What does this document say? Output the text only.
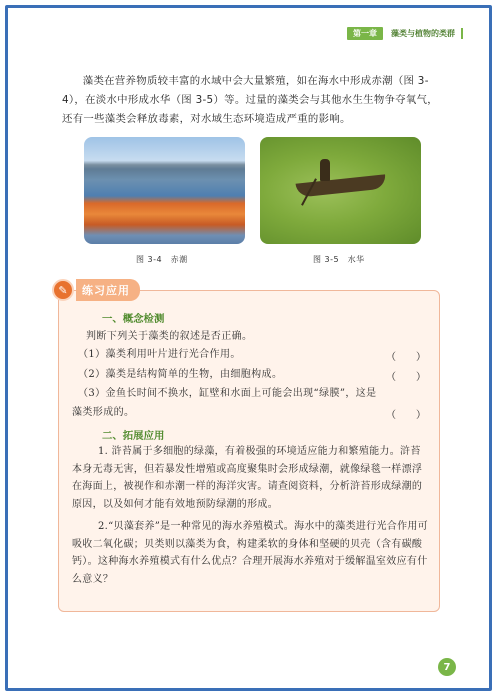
第一章	藻类与植物的类群

藻类在营养物质较丰富的水域中会大量繁殖，如在海水中形成赤潮（图 3-4），在淡水中形成水华（图 3-5）等。过量的藻类会与其他水生生物争夺氧气，还有一些藻类会释放毒素，对水域生态环境造成严重的影响。

图 3-4　赤潮	图 3-5　水华
✎	练习应用
一、概念检测
判断下列关于藻类的叙述是否正确。
（1）藻类利用叶片进行光合作用。	（　　）
（2）藻类是结构简单的生物，由细胞构成。	（　　）
（3）金鱼长时间不换水，缸壁和水面上可能会出现“绿膜”，这是
藻类形成的。	（　　）
二、拓展应用

1. 浒苔属于多细胞的绿藻，有着极强的环境适应能力和繁殖能力。浒苔本身无毒无害，但若暴发性增殖或高度聚集时会形成绿潮，就像绿毯一样漂浮在海面上，被视作和赤潮一样的海洋灾害。请查阅资料，分析浒苔形成绿潮的原因，以及如何才能有效地预防绿潮的形成。

2.“贝藻套养”是一种常见的海水养殖模式。海水中的藻类进行光合作用可吸收二氧化碳；贝类则以藻类为食，构建柔软的身体和坚硬的贝壳（含有碳酸钙）。这种海水养殖模式有什么优点？合理开展海水养殖对于缓解温室效应有什么意义？

7
